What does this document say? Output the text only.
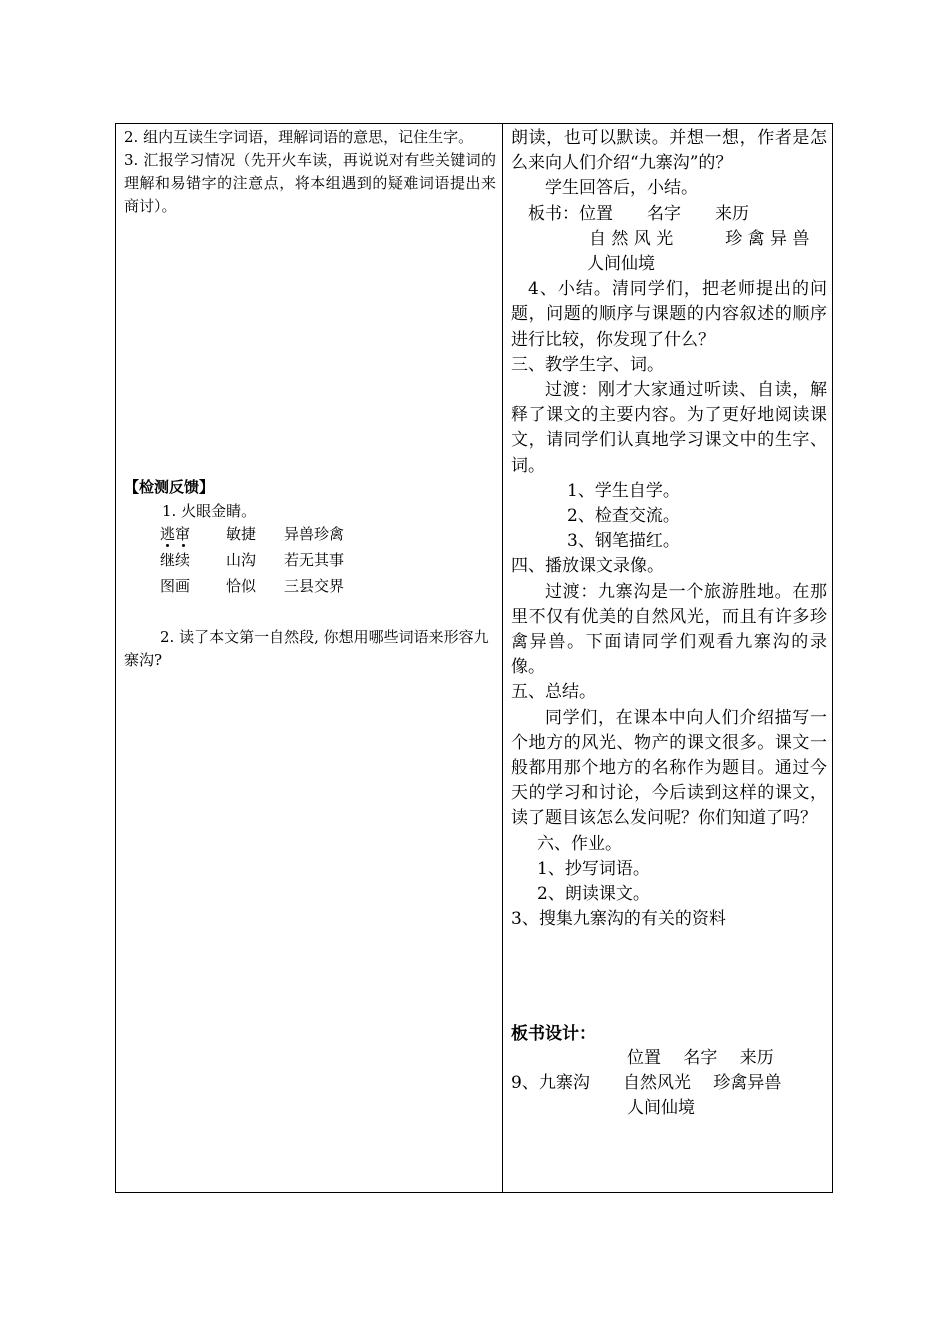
2. 组内互读生字词语，理解词语的意思，记住生字。

3. 汇报学习情况（先开火车读，再说说对有些关键词的理解和易错字的注意点，将本组遇到的疑难词语提出来商讨）。

【检测反馈】

1. 火眼金睛。

逃窜	敏捷	异兽珍禽
继续	山沟	若无其事
图画	恰似	三县交界

2. 读了本文第一自然段, 你想用哪些词语来形容九寨沟?

朗读，也可以默读。并想一想，作者是怎么来向人们介绍“九寨沟”的？

学生回答后，小结。

板书：位置　　名字　　来历

自 然 风 光	珍 禽 异 兽

人间仙境

4、小结。清同学们，把老师提出的问题，问题的顺序与课题的内容叙述的顺序进行比较，你发现了什么？

三、教学生字、词。

过渡：刚才大家通过听读、自读，解释了课文的主要内容。为了更好地阅读课文，请同学们认真地学习课文中的生字、词。

1、学生自学。

2、检查交流。

3、钢笔描红。

四、播放课文录像。

过渡：九寨沟是一个旅游胜地。在那里不仅有优美的自然风光，而且有许多珍禽异兽。下面请同学们观看九寨沟的录像。

五、总结。

同学们，在课本中向人们介绍描写一个地方的风光、物产的课文很多。课文一般都用那个地方的名称作为题目。通过今天的学习和讨论，今后读到这样的课文，读了题目该怎么发问呢？你们知道了吗？

六、作业。

1、抄写词语。

2、朗读课文。

3、搜集九寨沟的有关的资料

板书设计：

位置　 名字　 来历

9、九寨沟 自然风光　 珍禽异兽

人间仙境
